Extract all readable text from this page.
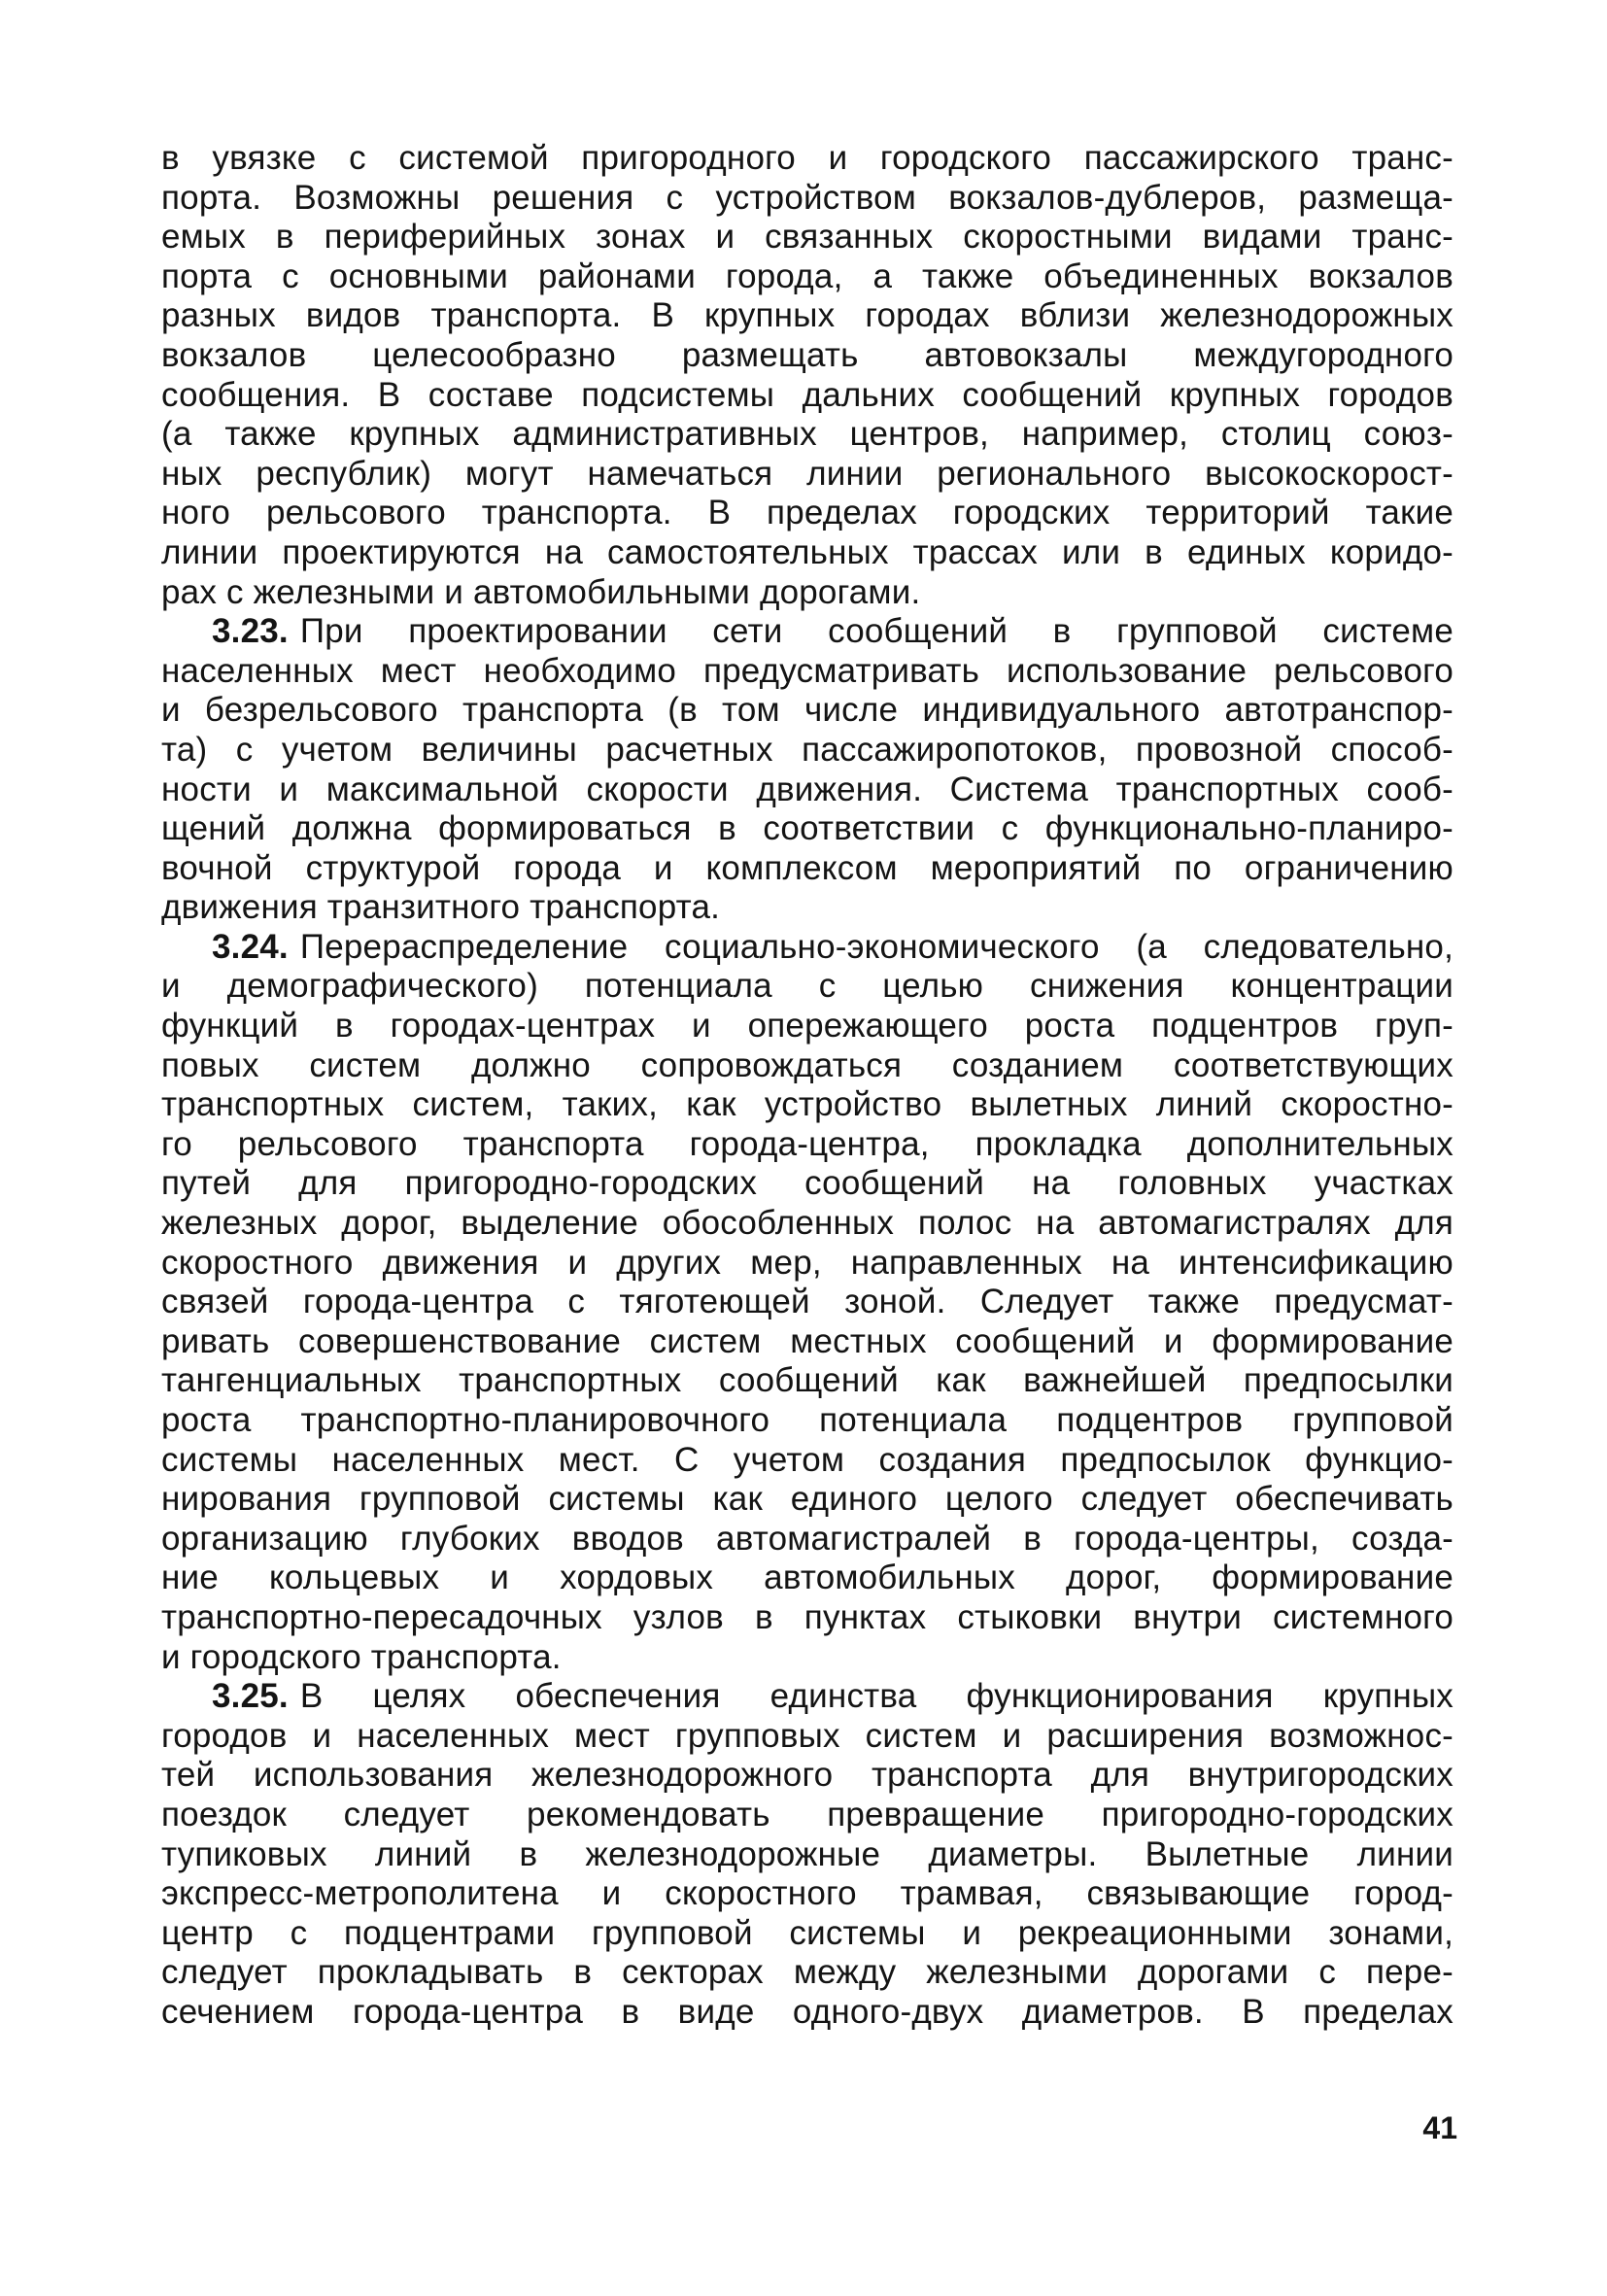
в увязке с системой пригородного и городского пассажирского транс-
порта. Возможны решения с устройством вокзалов-дублеров, размеща-
емых в периферийных зонах и связанных скоростными видами транс-
порта с основными районами города, а также объединенных вокзалов
разных видов транспорта. В крупных городах вблизи железнодорожных
вокзалов целесообразно размещать автовокзалы междугородного
сообщения. В составе подсистемы дальних сообщений крупных городов
(а также крупных административных центров, например, столиц союз-
ных республик) могут намечаться линии регионального высокоскорост-
ного рельсового транспорта. В пределах городских территорий такие
линии проектируются на самостоятельных трассах или в единых коридо-
рах с железными и автомобильными дорогами.
3.23. При проектировании сети сообщений в групповой системе
населенных мест необходимо предусматривать использование рельсового
и безрельсового транспорта (в том числе индивидуального автотранспор-
та) с учетом величины расчетных пассажиропотоков, провозной способ-
ности и максимальной скорости движения. Система транспортных сооб-
щений должна формироваться в соответствии с функционально-планиро-
вочной структурой города и комплексом мероприятий по ограничению
движения транзитного транспорта.
3.24. Перераспределение социально-экономического (а следовательно,
и демографического) потенциала с целью снижения концентрации
функций в городах-центрах и опережающего роста подцентров груп-
повых систем должно сопровождаться созданием соответствующих
транспортных систем, таких, как устройство вылетных линий скоростно-
го рельсового транспорта города-центра, прокладка дополнительных
путей для пригородно-городских сообщений на головных участках
железных дорог, выделение обособленных полос на автомагистралях для
скоростного движения и других мер, направленных на интенсификацию
связей города-центра с тяготеющей зоной. Следует также предусмат-
ривать совершенствование систем местных сообщений и формирование
тангенциальных транспортных сообщений как важнейшей предпосылки
роста транспортно-планировочного потенциала подцентров групповой
системы населенных мест. С учетом создания предпосылок функцио-
нирования групповой системы как единого целого следует обеспечивать
организацию глубоких вводов автомагистралей в города-центры, созда-
ние кольцевых и хордовых автомобильных дорог, формирование
транспортно-пересадочных узлов в пунктах стыковки внутри системного
и городского транспорта.
3.25. В целях обеспечения единства функционирования крупных
городов и населенных мест групповых систем и расширения возможнос-
тей использования железнодорожного транспорта для внутригородских
поездок следует рекомендовать превращение пригородно-городских
тупиковых линий в железнодорожные диаметры. Вылетные линии
экспресс-метрополитена и скоростного трамвая, связывающие город-
центр с подцентрами групповой системы и рекреационными зонами,
следует прокладывать в секторах между железными дорогами с пере-
сечением города-центра в виде одного-двух диаметров. В пределах
41
